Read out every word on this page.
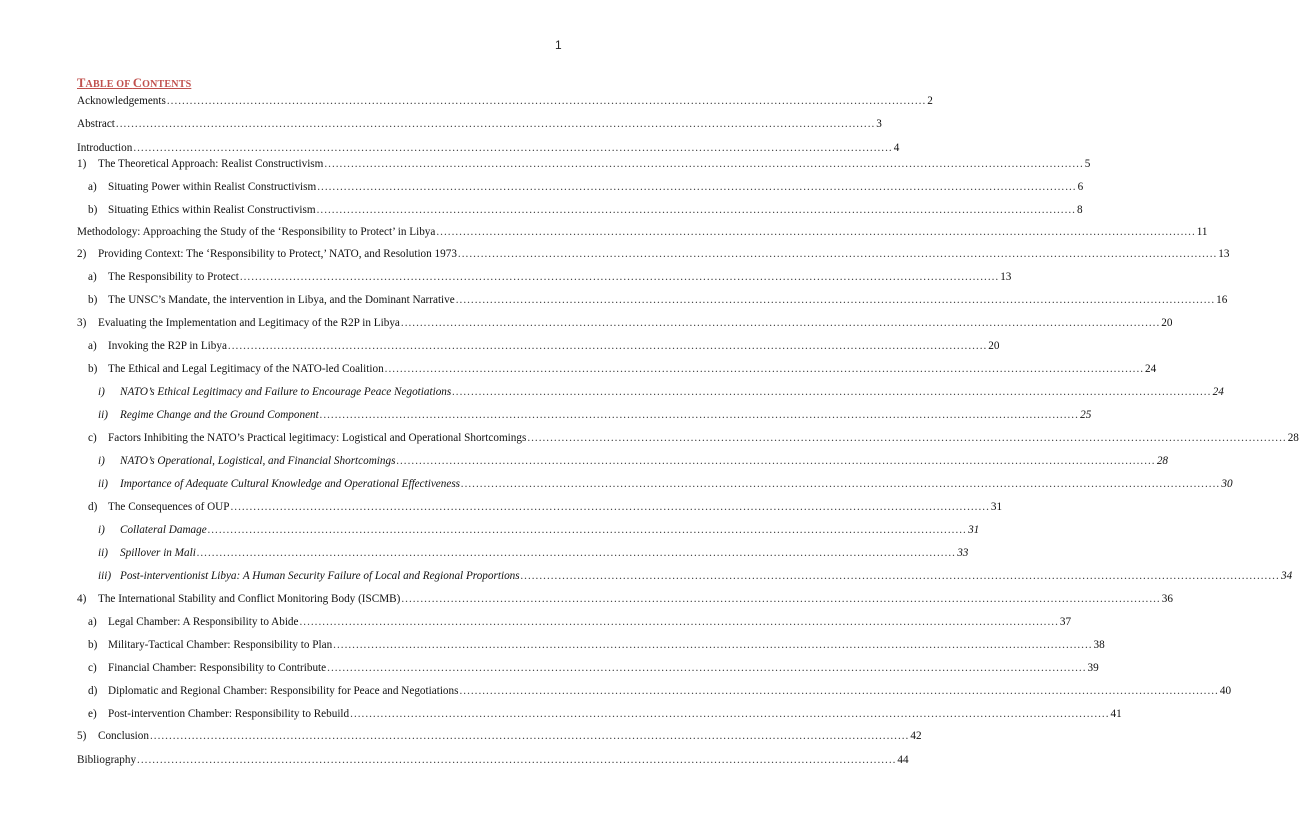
1
TABLE OF CONTENTS
Acknowledgements ........................................................................................................................................................................................................ 2
Abstract ........................................................................................................................................................................................................ 3
Introduction ........................................................................................................................................................................................................ 4
1) The Theoretical Approach: Realist Constructivism ........................................................................................................................................................................................................ 5
a) Situating Power within Realist Constructivism ........................................................................................................................................................................................................ 6
b) Situating Ethics within Realist Constructivism ........................................................................................................................................................................................................ 8
Methodology: Approaching the Study of the ‘Responsibility to Protect’ in Libya ........................................................................................................................................................................................................ 11
2) Providing Context: The ‘Responsibility to Protect,’ NATO, and Resolution 1973 ........................................................................................................................................................................................................ 13
a) The Responsibility to Protect ........................................................................................................................................................................................................ 13
b) The UNSC’s Mandate, the intervention in Libya, and the Dominant Narrative ........................................................................................................................................................................................................ 16
3) Evaluating the Implementation and Legitimacy of the R2P in Libya ........................................................................................................................................................................................................ 20
a) Invoking the R2P in Libya ........................................................................................................................................................................................................ 20
b) The Ethical and Legal Legitimacy of the NATO-led Coalition ........................................................................................................................................................................................................ 24
i) NATO’s Ethical Legitimacy and Failure to Encourage Peace Negotiations ........................................................................................................................................................................................................ 24
ii) Regime Change and the Ground Component ........................................................................................................................................................................................................ 25
c) Factors Inhibiting the NATO’s Practical legitimacy: Logistical and Operational Shortcomings ........................................................................................................................................................................................................ 28
i) NATO’s Operational, Logistical, and Financial Shortcomings ........................................................................................................................................................................................................ 28
ii) Importance of Adequate Cultural Knowledge and Operational Effectiveness ........................................................................................................................................................................................................ 30
d) The Consequences of OUP ........................................................................................................................................................................................................ 31
i) Collateral Damage ........................................................................................................................................................................................................ 31
ii) Spillover in Mali ........................................................................................................................................................................................................ 33
iii) Post-interventionist Libya: A Human Security Failure of Local and Regional Proportions ........................................................................................................................................................................................................ 34
4) The International Stability and Conflict Monitoring Body (ISCMB) ........................................................................................................................................................................................................ 36
a) Legal Chamber: A Responsibility to Abide ........................................................................................................................................................................................................ 37
b) Military-Tactical Chamber: Responsibility to Plan ........................................................................................................................................................................................................ 38
c) Financial Chamber: Responsibility to Contribute ........................................................................................................................................................................................................ 39
d) Diplomatic and Regional Chamber: Responsibility for Peace and Negotiations ........................................................................................................................................................................................................ 40
e) Post-intervention Chamber: Responsibility to Rebuild ........................................................................................................................................................................................................ 41
5) Conclusion ........................................................................................................................................................................................................ 42
Bibliography ........................................................................................................................................................................................................ 44
